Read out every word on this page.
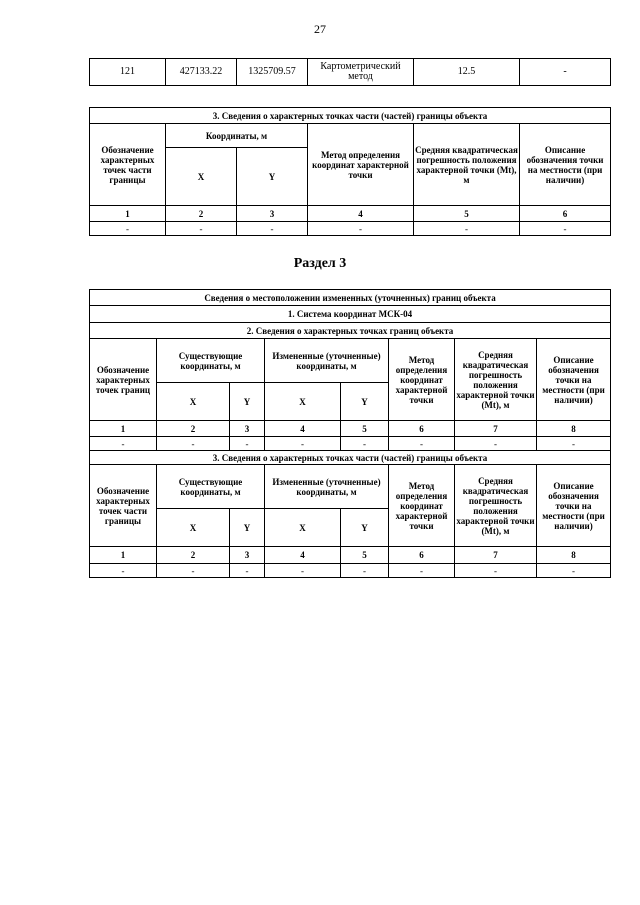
27
121	427133.22	1325709.57	Картометрический метод	12.5	-
3. Сведения о характерных точках части (частей) границы объекта					
Обозначение характерных точек части границы	Координаты, м		Метод определения координат характерной точки	Средняя квадратическая погрешность положения характерной точки (Mt), м	Описание обозначения точки на местности (при наличии)
	X	Y			
1	2	3	4	5	6
-	-	-	-	-	-
Раздел 3
Сведения о местоположении измененных (уточненных) границ объекта							
1. Система координат МСК-04							
2. Сведения о характерных точках границ объекта							
Обозначение характерных точек границ	Существующие координаты, м		Измененные (уточненные) координаты, м		Метод определения координат характерной точки	Средняя квадратическая погрешность положения характерной точки (Mt), м	Описание обозначения точки на местности (при наличии)
	X	Y	X	Y			
1	2	3	4	5	6	7	8
-	-	-	-	-	-	-	-
3. Сведения о характерных точках части (частей) границы объекта							
Обозначение характерных точек части границы	Существующие координаты, м		Измененные (уточненные) координаты, м		Метод определения координат характерной точки	Средняя квадратическая погрешность положения характерной точки (Mt), м	Описание обозначения точки на местности (при наличии)
	X	Y	X	Y			
1	2	3	4	5	6	7	8
-	-	-	-	-	-	-	-
